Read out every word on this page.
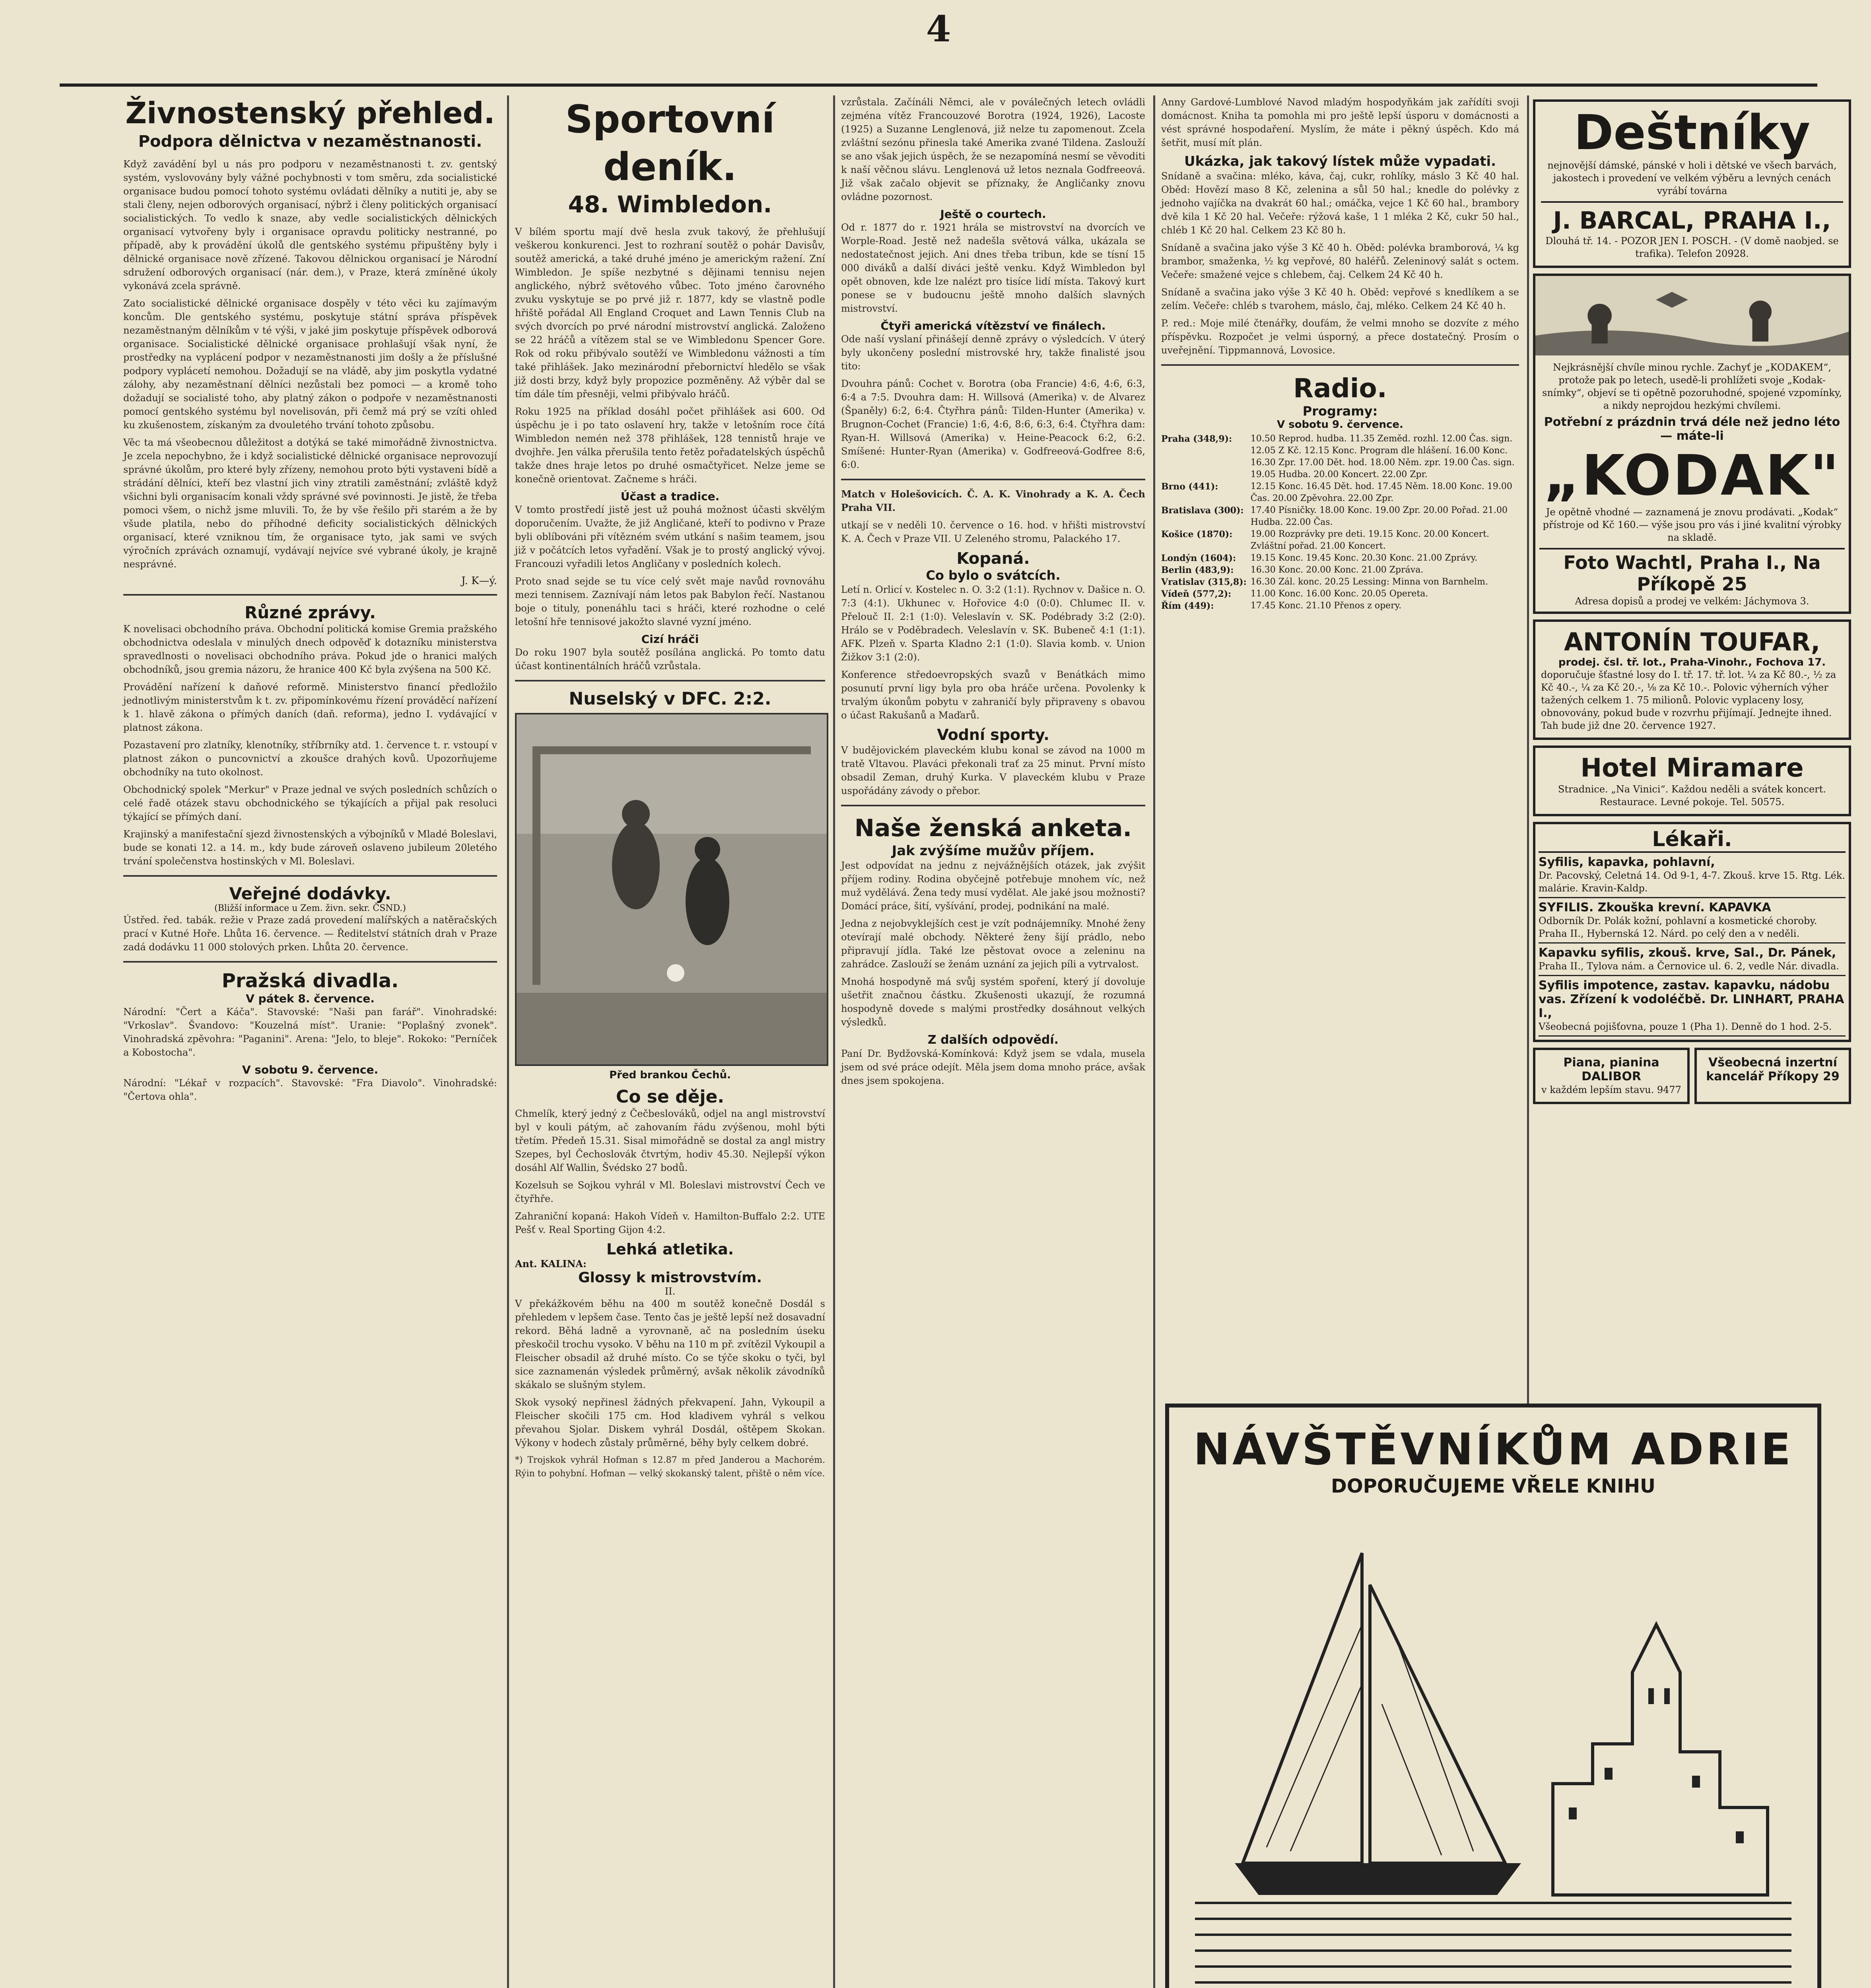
4
Živnostenský přehled.
Podpora dělnictva v nezaměstnanosti.

Když zavádění byl u nás pro podporu v nezaměstnanosti t. zv. gentský systém, vyslovovány byly vážné pochybnosti v tom směru, zda socialistické organisace budou pomocí tohoto systému ovládati dělníky a nutiti je, aby se stali členy, nejen odborových organisací, nýbrž i členy politických organisací socialistických. To vedlo k snaze, aby vedle socialistických dělnických organisací vytvořeny byly i organisace opravdu politicky nestranné, po případě, aby k provádění úkolů dle gentského systému připuštěny byly i dělnické organisace nově zřízené. Takovou dělnickou organisací je Národní sdružení odborových organisací (nár. dem.), v Praze, která zmíněné úkoly vykonává zcela správně.

Zato socialistické dělnické organisace dospěly v této věci ku zajímavým koncům. Dle gentského systému, poskytuje státní správa příspěvek nezaměstnaným dělníkům v té výši, v jaké jim poskytuje příspěvek odborová organisace. Socialistické dělnické organisace prohlašují však nyní, že prostředky na vyplácení podpor v nezaměstnanosti jim došly a že příslušné podpory vyplácetí nemohou. Dožadují se na vládě, aby jim poskytla vydatné zálohy, aby nezaměstnaní dělníci nezůstali bez pomoci — a kromě toho dožadují se socialisté toho, aby platný zákon o podpoře v nezaměstnanosti pomocí gentského systému byl novelisován, při čemž má prý se vzíti ohled ku zkušenostem, získaným za dvouletého trvání tohoto způsobu.

Věc ta má všeobecnou důležitost a dotýká se také mimořádně živnostnictva. Je zcela nepochybno, že i když socialistické dělnické organisace neprovozují správné úkolům, pro které byly zřízeny, nemohou proto býti vystaveni bídě a strádání dělníci, kteří bez vlastní jich viny ztratili zaměstnání; zvláště když všichni byli organisacím konali vždy správné své povinnosti. Je jistě, že třeba pomoci všem, o nichž jsme mluvili. To, že by vše řešilo při starém a že by všude platila, nebo do příhodné deficity socialistických dělnických organisací, které vzniknou tím, že organisace tyto, jak sami ve svých výročních zprávách oznamují, vydávají nejvíce své vybrané úkoly, je krajně nesprávné.

J. K—ý.
Různé zprávy.

K novelisaci obchodního práva. Obchodní politická komise Gremia pražského obchodnictva odeslala v minulých dnech odpověď k dotazníku ministerstva spravedlnosti o novelisaci obchodního práva. Pokud jde o hranici malých obchodníků, jsou gremia názoru, že hranice 400 Kč byla zvýšena na 500 Kč.

Provádění nařízení k daňové reformě. Ministerstvo financí předložilo jednotlivým ministerstvům k t. zv. připomínkovému řízení prováděcí nařízení k 1. hlavě zákona o přímých daních (daň. reforma), jedno I. vydávající v platnost zákona.

Pozastavení pro zlatníky, klenotníky, stříbrníky atd. 1. července t. r. vstoupí v platnost zákon o puncovnictví a zkoušce drahých kovů. Upozorňujeme obchodníky na tuto okolnost.

Obchodnický spolek "Merkur" v Praze jednal ve svých posledních schůzích o celé řadě otázek stavu obchodnického se týkajících a přijal pak resoluci týkající se přímých daní.

Krajinský a manifestační sjezd živnostenských a výbojníků v Mladé Boleslavi, bude se konati 12. a 14. m., kdy bude zároveň oslaveno jubileum 20letého trvání společenstva hostinských v Ml. Boleslavi.

Veřejné dodávky.
(Bližší informace u Zem. živn. sekr. ČSND.)

Ústřed. řed. tabák. režie v Praze zadá provedení malířských a natěračských prací v Kutné Hoře. Lhůta 16. července. — Ředitelství státních drah v Praze zadá dodávku 11 000 stolových prken. Lhůta 20. července.

Pražská divadla.
V pátek 8. července.

Národní: "Čert a Káča". Stavovské: "Naši pan farář". Vinohradské: "Vrkoslav". Švandovo: "Kouzelná míst". Uranie: "Poplašný zvonek". Vinohradská zpěvohra: "Paganini". Arena: "Jelo, to bleje". Rokoko: "Perníček a Kobostocha".

V sobotu 9. července.

Národní: "Lékař v rozpacích". Stavovské: "Fra Diavolo". Vinohradské: "Čertova ohla".

Sportovní deník.
48. Wimbledon.

V bílém sportu mají dvě hesla zvuk takový, že přehlušují veškerou konkurenci. Jest to rozhraní soutěž o pohár Davisův, soutěž americká, a také druhé jméno je americkým ražení. Zní Wimbledon. Je spíše nezbytné s dějinami tennisu nejen anglického, nýbrž světového vůbec. Toto jméno čarovného zvuku vyskytuje se po prvé již r. 1877, kdy se vlastně podle hřiště pořádal All England Croquet and Lawn Tennis Club na svých dvorcích po prvé národní mistrovství anglická. Založeno se 22 hráčů a vítězem stal se ve Wimbledonu Spencer Gore. Rok od roku přibývalo soutěží ve Wimbledonu vážnosti a tím také přihlášek. Jako mezinárodní přebornictví hledělo se však již dosti brzy, když byly propozice pozměněny. Až výběr dal se tím dále tím přesněji, velmi přibývalo hráčů.

Roku 1925 na příklad dosáhl počet přihlášek asi 600. Od úspěchu je i po tato oslavení hry, takže v letošním roce čítá Wimbledon nemén než 378 přihlášek, 128 tennistů hraje ve dvojhře. Jen válka přerušila tento řetěz pořadatelských úspěchů takže dnes hraje letos po druhé osmačtyřicet. Nelze jeme se konečně orientovat. Začneme s hráči.

Účast a tradice.

V tomto prostředí jistě jest už pouhá možnost účasti skvělým doporučením. Uvažte, že již Angličané, kteří to podivno v Praze byli oblíbováni při vítězném svém utkání s našim teamem, jsou již v počátcích letos vyřadění. Však je to prostý anglický vývoj. Francouzi vyřadili letos Angličany v posledních kolech.

Proto snad sejde se tu více celý svět maje navůd rovnováhu mezi tennisem. Zaznívají nám letos pak Babylon řečí. Nastanou boje o tituly, ponenáhlu taci s hráči, které rozhodne o celé letošní hře tennisové jakožto slavné vyzní jméno.

Cizí hráči

Do roku 1907 byla soutěž posílána anglická. Po tomto datu účast kontinentálních hráčů vzrůstala.

Nuselský v DFC. 2:2.
Před brankou Čechů.
Co se děje.

Chmelík, který jedný z Čečbeslováků, odjel na angl mistrovství byl v kouli pátým, ač zahovaním řádu zvýšenou, mohl býti třetím. Předeň 15.31. Sisal mimořádně se dostal za angl mistry Szepes, byl Čechoslovák čtvrtým, hodiv 45.30. Nejlepší výkon dosáhl Alf Wallin, Švédsko 27 bodů.

Kozelsuh se Sojkou vyhrál v Ml. Boleslavi mistrovství Čech ve čtyřhře.

Zahraniční kopaná: Hakoh Vídeň v. Hamilton-Buffalo 2:2. UTE Pešť v. Real Sporting Gijon 4:2.

Lehká atletika.
Ant. KALINA:
Glossy k mistrovstvím.
II.

V překážkovém běhu na 400 m soutěž konečně Dosdál s přehledem v lepšem čase. Tento čas je ještě lepší než dosavadní rekord. Běhá ladně a vyrovnaně, ač na posledním úseku přeskočil trochu vysoko. V běhu na 110 m př. zvítězil Vykoupil a Fleischer obsadil až druhé místo. Co se týče skoku o tyči, byl sice zaznamenán výsledek průměrný, avšak několik závodníků skákalo se slušným stylem.

Skok vysoký nepřinesl žádných překvapení. Jahn, Vykoupil a Fleischer skočili 175 cm. Hod kladivem vyhrál s velkou převahou Sjolar. Diskem vyhrál Dosdál, oštěpem Skokan. Výkony v hodech zůstaly průměrné, běhy byly celkem dobré.

*) Trojskok vyhrál Hofman s 12.87 m před Janderou a Machorém. Rýin to pohybní. Hofman — velký skokanský talent, přiště o něm více.

vzrůstala. Začínáli Němci, ale v poválečných letech ovládli zejména vítěz Francouzové Borotra (1924, 1926), Lacoste (1925) a Suzanne Lenglenová, již nelze tu zapomenout. Zcela zvláštní sezónu přinesla také Amerika zvané Tildena. Zaslouží se ano však jejich úspěch, že se nezapomíná nesmí se věvoditi k naší věčnou slávu. Lenglenová už letos neznala Godfreeová. Již však začalo objevit se příznaky, že Angličanky znovu ovládne pozornost.

Ještě o courtech.

Od r. 1877 do r. 1921 hrála se mistrovství na dvorcích ve Worple-Road. Jestě než nadešla světová válka, ukázala se nedostatečnost jejich. Ani dnes třeba tribun, kde se tísní 15 000 diváků a další diváci ještě venku. Když Wimbledon byl opět obnoven, kde lze nalézt pro tisíce lidí místa. Takový kurt ponese se v budoucnu ještě mnoho dalších slavných mistrovství.

Čtyři americká vítězství ve finálech.

Ode naší vyslaní přinášejí denně zprávy o výsledcích. V úterý byly ukončeny poslední mistrovské hry, takže finalisté jsou tito:

Dvouhra pánů: Cochet v. Borotra (oba Francie) 4:6, 4:6, 6:3, 6:4 a 7:5. Dvouhra dam: H. Willsová (Amerika) v. de Alvarez (Španěly) 6:2, 6:4. Čtyřhra pánů: Tilden-Hunter (Amerika) v. Brugnon-Cochet (Francie) 1:6, 4:6, 8:6, 6:3, 6:4. Čtyřhra dam: Ryan-H. Willsová (Amerika) v. Heine-Peacock 6:2, 6:2. Smíšené: Hunter-Ryan (Amerika) v. Godfreeová-Godfree 8:6, 6:0.

Match v Holešovicích. Č. A. K. Vinohrady a K. A. Čech Praha VII.

utkají se v neděli 10. července o 16. hod. v hřišti mistrovství K. A. Čech v Praze VII. U Zeleného stromu, Palackého 17.

Kopaná.
Co bylo o svátcích.

Letí n. Orlicí v. Kostelec n. O. 3:2 (1:1). Rychnov v. Dašice n. O. 7:3 (4:1). Ukhunec v. Hořovice 4:0 (0:0). Chlumec II. v. Přelouč II. 2:1 (1:0). Veleslavín v. SK. Podébrady 3:2 (2:0). Hrálo se v Poděbradech. Veleslavín v. SK. Bubeneč 4:1 (1:1). AFK. Plzeň v. Sparta Kladno 2:1 (1:0). Slavia komb. v. Union Žižkov 3:1 (2:0).

Konference středoevropských svazů v Benátkách mimo posunutí první ligy byla pro oba hráče určena. Povolenky k trvalým úkonům pobytu v zahraničí byly připraveny s obavou o účast Rakušanů a Maďarů.

Vodní sporty.

V budějovickém plaveckém klubu konal se závod na 1000 m tratě Vltavou. Plaváci překonali trať za 25 minut. První místo obsadil Zeman, druhý Kurka. V plaveckém klubu v Praze uspořádány závody o přebor.

Naše ženská anketa.
Jak zvýšíme mužův příjem.

Jest odpovídat na jednu z nejvážnějších otázek, jak zvýšit příjem rodiny. Rodina obyčejně potřebuje mnohem víc, než muž vydělává. Žena tedy musí vydělat. Ale jaké jsou možnosti? Domácí práce, šití, vyšívání, prodej, podnikání na malé.

Jedna z nejobvyklejších cest je vzít podnájemníky. Mnohé ženy otevírají malé obchody. Některé ženy šijí prádlo, nebo připravují jídla. Také lze pěstovat ovoce a zeleninu na zahrádce. Zaslouží se ženám uznání za jejich píli a vytrvalost.

Mnohá hospodyně má svůj systém spoření, který jí dovoluje ušetřit značnou částku. Zkušenosti ukazují, že rozumná hospodyně dovede s malými prostředky dosáhnout velkých výsledků.

Z dalších odpovědí.

Paní Dr. Bydžovská-Komínková: Když jsem se vdala, musela jsem od své práce odejít. Měla jsem doma mnoho práce, avšak dnes jsem spokojena.

Anny Gardové-Lumblové Navod mladým hospodyňkám jak zařídíti svoji domácnost. Kniha ta pomohla mi pro ještě lepší úsporu v domácnosti a vést správné hospodaření. Myslím, že máte i pěkný úspěch. Kdo má šetřit, musí mít plán.

Ukázka, jak takový lístek může vypadati.

Snídaně a svačina: mléko, káva, čaj, cukr, rohlíky, máslo 3 Kč 40 hal. Oběd: Hovězí maso 8 Kč, zelenina a sůl 50 hal.; knedle do polévky z jednoho vajíčka na dvakrát 60 hal.; omáčka, vejce 1 Kč 60 hal., brambory dvě kila 1 Kč 20 hal. Večeře: rýžová kaše, 1 1 mléka 2 Kč, cukr 50 hal., chléb 1 Kč 20 hal. Celkem 23 Kč 80 h.

Snídaně a svačina jako výše 3 Kč 40 h. Oběd: polévka bramborová, ¼ kg brambor, smaženka, ½ kg vepřové, 80 haléřů. Zeleninový salát s octem. Večeře: smažené vejce s chlebem, čaj. Celkem 24 Kč 40 h.

Snídaně a svačina jako výše 3 Kč 40 h. Oběd: vepřové s knedlíkem a se zelím. Večeře: chléb s tvarohem, máslo, čaj, mléko. Celkem 24 Kč 40 h.

P. red.: Moje milé čtenářky, doufám, že velmi mnoho se dozvíte z mého příspěvku. Rozpočet je velmi úsporný, a přece dostatečný. Prosím o uveřejnění. Tippmannová, Lovosice.

Radio.
Programy:
V sobotu 9. července.
Praha (348,9):	10.50 Reprod. hudba. 11.35 Zeměd. rozhl. 12.00 Čas. sign. 12.05 Z Kč. 12.15 Konc. Program dle hlášení. 16.00 Konc. 16.30 Zpr. 17.00 Dět. hod. 18.00 Něm. zpr. 19.00 Čas. sign. 19.05 Hudba. 20.00 Koncert. 22.00 Zpr.
Brno (441):	12.15 Konc. 16.45 Dět. hod. 17.45 Něm. 18.00 Konc. 19.00 Čas. 20.00 Zpěvohra. 22.00 Zpr.
Bratislava (300):	17.40 Písničky. 18.00 Konc. 19.00 Zpr. 20.00 Pořad. 21.00 Hudba. 22.00 Čas.
Košice (1870):	19.00 Rozprávky pre deti. 19.15 Konc. 20.00 Koncert. Zvláštní pořad. 21.00 Koncert.
Londýn (1604):	19.15 Konc. 19.45 Konc. 20.30 Konc. 21.00 Zprávy.
Berlin (483,9):	16.30 Konc. 20.00 Konc. 21.00 Zpráva.
Vratislav (315,8):	16.30 Zál. konc. 20.25 Lessing: Minna von Barnhelm.
Vídeň (577,2):	11.00 Konc. 16.00 Konc. 20.05 Opereta.
Řím (449):	17.45 Konc. 21.10 Přenos z opery.
Deštníky
nejnovější dámské, pánské v holi i dětské ve všech barvách, jakostech i provedení ve velkém výběru a levných cenách vyrábí továrna
J. BARCAL, PRAHA I.,
Dlouhá tř. 14. - POZOR JEN I. POSCH. - (V domě naobjed. se trafika). Telefon 20928.
Nejkrásnější chvíle minou rychle. Zachyť je „KODAKEM“, protože pak po letech, usedě-li prohlížeti svoje „Kodak-snímky“, objeví se ti opětně pozoruhodné, spojené vzpomínky, a nikdy neprojdou hezkými chvílemi.
Potřební z prázdnin trvá déle než jedno léto — máte-li
„KODAK"
Je opětně vhodné — zaznamená je znovu prodávati. „Kodak“ přístroje od Kč 160.— výše jsou pro vás i jiné kvalitní výrobky na skladě.
Foto Wachtl, Praha I., Na Příkopě 25
Adresa dopisů a prodej ve velkém: Jáchymova 3.
ANTONÍN TOUFAR,
prodej. čsl. tř. lot., Praha-Vinohr., Fochova 17.
doporučuje šťastné losy do I. tř. 17. tř. lot. ¼ za Kč 80.-, ½ za Kč 40.-, ¼ za Kč 20.-, ⅛ za Kč 10.-. Polovic výherních výher tažených celkem 1. 75 milionů. Polovic vyplaceny losy, obnovovány, pokud bude v rozvrhu přijímají. Jednejte ihned. Tah bude již dne 20. července 1927.
Hotel Miramare
Stradnice. „Na Vinici“. Každou neděli a svátek koncert. Restaurace. Levné pokoje. Tel. 50575.
Lékaři.
Syfilis, kapavka, pohlavní,
Dr. Pacovský, Celetná 14. Od 9-1, 4-7. Zkouš. krve 15. Rtg. Lék. malárie. Kravin-Kaldp.
SYFILIS. Zkouška krevní. KAPAVKA
Odborník Dr. Polák kožní, pohlavní a kosmetické choroby. Praha II., Hybernská 12. Nárd. po celý den a v neděli.
Kapavku syfilis, zkouš. krve, Sal., Dr. Pánek,
Praha II., Tylova nám. a Černovice ul. 6. 2, vedle Nár. divadla.
Syfilis impotence, zastav. kapavku, nádobu vas. Zřízení k vodoléčbě. Dr. LINHART, PRAHA I.,
Všeobecná pojišťovna, pouze 1 (Pha 1). Denně do 1 hod. 2-5.
Piana, pianina DALIBOR
v každém lepším stavu. 9477
Všeobecná inzertní kancelář Příkopy 29
NÁVŠTĚVNÍKŮM ADRIE
DOPORUČUJEME VŘELE KNIHU
